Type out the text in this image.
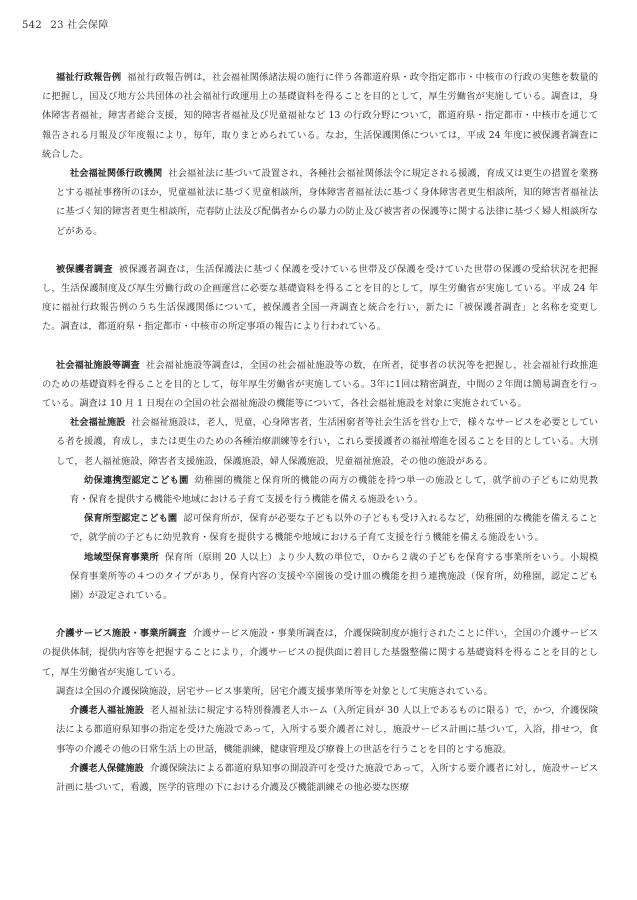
542 23 社会保障

福祉行政報告例 福祉行政報告例は，社会福祉関係諸法規の施行に伴う各都道府県・政令指定都市・中核市の行政の実態を数量的に把握し，国及び地方公共団体の社会福祉行政運用上の基礎資料を得ることを目的として，厚生労働省が実施している。調査は，身体障害者福祉，障害者総合支援，知的障害者福祉及び児童福祉など 13 の行政分野について，都道府県・指定都市・中核市を通じて報告される月報及び年度報により，毎年，取りまとめられている。なお，生活保護関係については，平成 24 年度に被保護者調査に統合した。

社会福祉関係行政機関 社会福祉法に基づいて設置され，各種社会福祉関係法令に規定される援護，育成又は更生の措置を業務とする福祉事務所のほか，児童福祉法に基づく児童相談所，身体障害者福祉法に基づく身体障害者更生相談所，知的障害者福祉法に基づく知的障害者更生相談所，売春防止法及び配偶者からの暴力の防止及び被害者の保護等に関する法律に基づく婦人相談所などがある。

被保護者調査 被保護者調査は，生活保護法に基づく保護を受けている世帯及び保護を受けていた世帯の保護の受給状況を把握し，生活保護制度及び厚生労働行政の企画運営に必要な基礎資料を得ることを目的として，厚生労働省が実施している。平成 24 年度に福祉行政報告例のうち生活保護関係について，被保護者全国一斉調査と統合を行い，新たに「被保護者調査」と名称を変更した。調査は，都道府県・指定都市・中核市の所定事項の報告により行われている。

社会福祉施設等調査 社会福祉施設等調査は，全国の社会福祉施設等の数，在所者，従事者の状況等を把握し，社会福祉行政推進のための基礎資料を得ることを目的として，毎年厚生労働省が実施している。3年に1回は精密調査，中間の２年間は簡易調査を行っている。調査は 10 月 1 日現在の全国の社会福祉施設の機能等について，各社会福祉施設を対象に実施されている。

社会福祉施設 社会福祉施設は，老人，児童，心身障害者，生活困窮者等社会生活を営む上で，様々なサービスを必要としている者を援護，育成し，または更生のための各種治療訓練等を行い，これら要援護者の福祉増進を図ることを目的としている。大別して，老人福祉施設，障害者支援施設，保護施設，婦人保護施設，児童福祉施設，その他の施設がある。

幼保連携型認定こども園 幼稚園的機能と保育所的機能の両方の機能を持つ単一の施設として，就学前の子どもに幼児教育・保育を提供する機能や地域における子育て支援を行う機能を備える施設をいう。

保育所型認定こども園 認可保育所が，保育が必要な子ども以外の子どもも受け入れるなど，幼稚園的な機能を備えることで，就学前の子どもに幼児教育・保育を提供する機能や地域における子育て支援を行う機能を備える施設をいう。

地域型保育事業所 保育所（原則 20 人以上）より少人数の単位で，０から２歳の子どもを保育する事業所をいう。小規模保育事業所等の４つのタイプがあり，保育内容の支援や卒園後の受け皿の機能を担う連携施設（保育所，幼稚園，認定こども園）が設定されている。

介護サービス施設・事業所調査 介護サービス施設・事業所調査は，介護保険制度が施行されたことに伴い，全国の介護サービスの提供体制，提供内容等を把握することにより，介護サービスの提供面に着目した基盤整備に関する基礎資料を得ることを目的として，厚生労働省が実施している。

調査は全国の介護保険施設，居宅サービス事業所，居宅介護支援事業所等を対象として実施されている。

介護老人福祉施設 老人福祉法に規定する特別養護老人ホーム（入所定員が 30 人以上であるものに限る）で，かつ，介護保険法による都道府県知事の指定を受けた施設であって，入所する要介護者に対し，施設サービス計画に基づいて，入浴，排せつ，食事等の介護その他の日常生活上の世話，機能訓練，健康管理及び療養上の世話を行うことを目的とする施設。

介護老人保健施設 介護保険法による都道府県知事の開設許可を受けた施設であって，入所する要介護者に対し，施設サービス計画に基づいて，看護，医学的管理の下における介護及び機能訓練その他必要な医療
